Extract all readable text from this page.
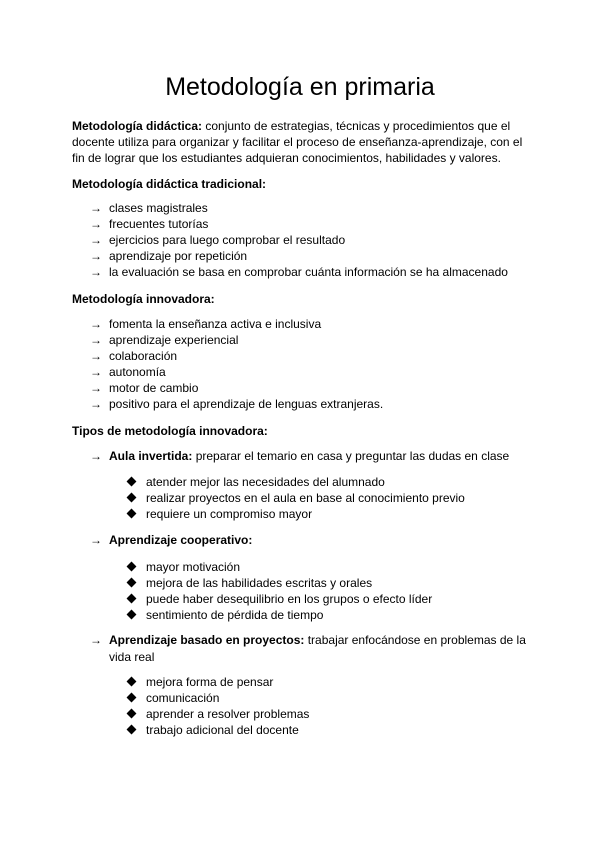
Metodología en primaria

Metodología didáctica: conjunto de estrategias, técnicas y procedimientos que el docente utiliza para organizar y facilitar el proceso de enseñanza-aprendizaje, con el fin de lograr que los estudiantes adquieran conocimientos, habilidades y valores.

Metodología didáctica tradicional:

→ clases magistrales
→ frecuentes tutorías
→ ejercicios para luego comprobar el resultado
→ aprendizaje por repetición
→ la evaluación se basa en comprobar cuánta información se ha almacenado

Metodología innovadora:

→ fomenta la enseñanza activa e inclusiva
→ aprendizaje experiencial
→ colaboración
→ autonomía
→ motor de cambio
→ positivo para el aprendizaje de lenguas extranjeras.

Tipos de metodología innovadora:

→ Aula invertida: preparar el temario en casa y preguntar las dudas en clase
atender mejor las necesidades del alumnado
realizar proyectos en el aula en base al conocimiento previo
requiere un compromiso mayor
→ Aprendizaje cooperativo:
mayor motivación
mejora de las habilidades escritas y orales
puede haber desequilibrio en los grupos o efecto líder
sentimiento de pérdida de tiempo
→ Aprendizaje basado en proyectos: trabajar enfocándose en problemas de la vida real
mejora forma de pensar
comunicación
aprender a resolver problemas
trabajo adicional del docente
